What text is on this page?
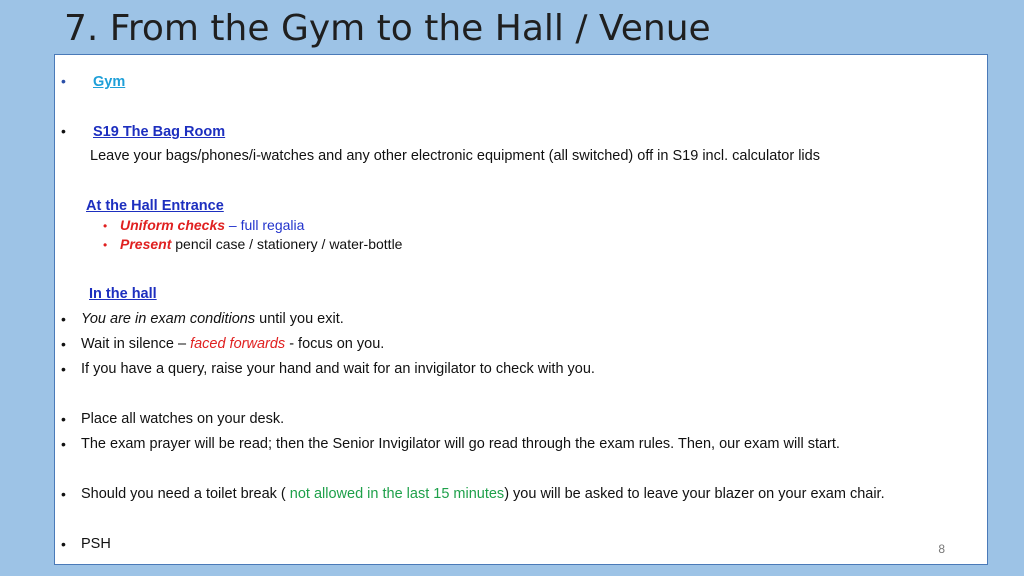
7. From the Gym to the Hall / Venue
• Gym
• S19 The Bag Room
Leave your bags/phones/i-watches and any other electronic equipment (all switched) off in S19 incl. calculator lids
At the Hall Entrance
• Uniform checks – full regalia
• Present pencil case / stationery / water-bottle
In the hall
• You are in exam conditions until you exit.
• Wait in silence – faced forwards - focus on you.
• If you have a query, raise your hand and wait for an invigilator to check with you.
• Place all watches on your desk.
• The exam prayer will be read; then the Senior Invigilator will go read through the exam rules. Then, our exam will start.
• Should you need a toilet break ( not allowed in the last 15 minutes) you will be asked to leave your blazer on your exam chair.
• PSH	8
